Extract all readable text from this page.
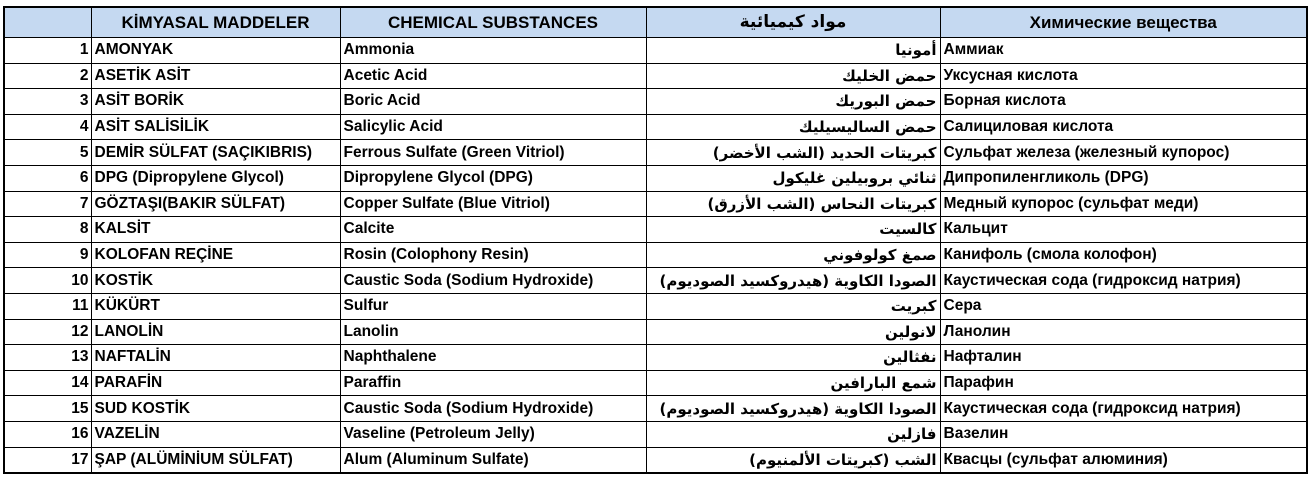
	KİMYASAL MADDELER	CHEMICAL SUBSTANCES	مواد كيميائية	Химические вещества
1	AMONYAK	Ammonia	أمونيا	Аммиак
2	ASETİK ASİT	Acetic Acid	حمض الخليك	Уксусная кислота
3	ASİT BORİK	Boric Acid	حمض البوريك	Борная кислота
4	ASİT SALİSİLİK	Salicylic Acid	حمض الساليسيليك	Салициловая кислота
5	DEMİR SÜLFAT (SAÇIKIBRIS)	Ferrous Sulfate (Green Vitriol)	كبريتات الحديد (الشب الأخضر)	Сульфат железа (железный купорос)
6	DPG (Dipropylene Glycol)	Dipropylene Glycol (DPG)	ثنائي بروبيلين غليكول	Дипропиленгликоль (DPG)
7	GÖZTAŞI(BAKIR SÜLFAT)	Copper Sulfate (Blue Vitriol)	كبريتات النحاس (الشب الأزرق)	Медный купорос (сульфат меди)
8	KALSİT	Calcite	كالسيت	Кальцит
9	KOLOFAN REÇİNE	Rosin (Colophony Resin)	صمغ كولوفوني	Канифоль (смола колофон)
10	KOSTİK	Caustic Soda (Sodium Hydroxide)	الصودا الكاوية (هيدروكسيد الصوديوم)	Каустическая сода (гидроксид натрия)
11	KÜKÜRT	Sulfur	كبريت	Сера
12	LANOLİN	Lanolin	لانولين	Ланолин
13	NAFTALİN	Naphthalene	نفثالين	Нафталин
14	PARAFİN	Paraffin	شمع البارافين	Парафин
15	SUD KOSTİK	Caustic Soda (Sodium Hydroxide)	الصودا الكاوية (هيدروكسيد الصوديوم)	Каустическая сода (гидроксид натрия)
16	VAZELİN	Vaseline (Petroleum Jelly)	فازلين	Вазелин
17	ŞAP (ALÜMİNİUM SÜLFAT)	Alum (Aluminum Sulfate)	الشب (كبريتات الألمنيوم)	Квасцы (сульфат алюминия)
